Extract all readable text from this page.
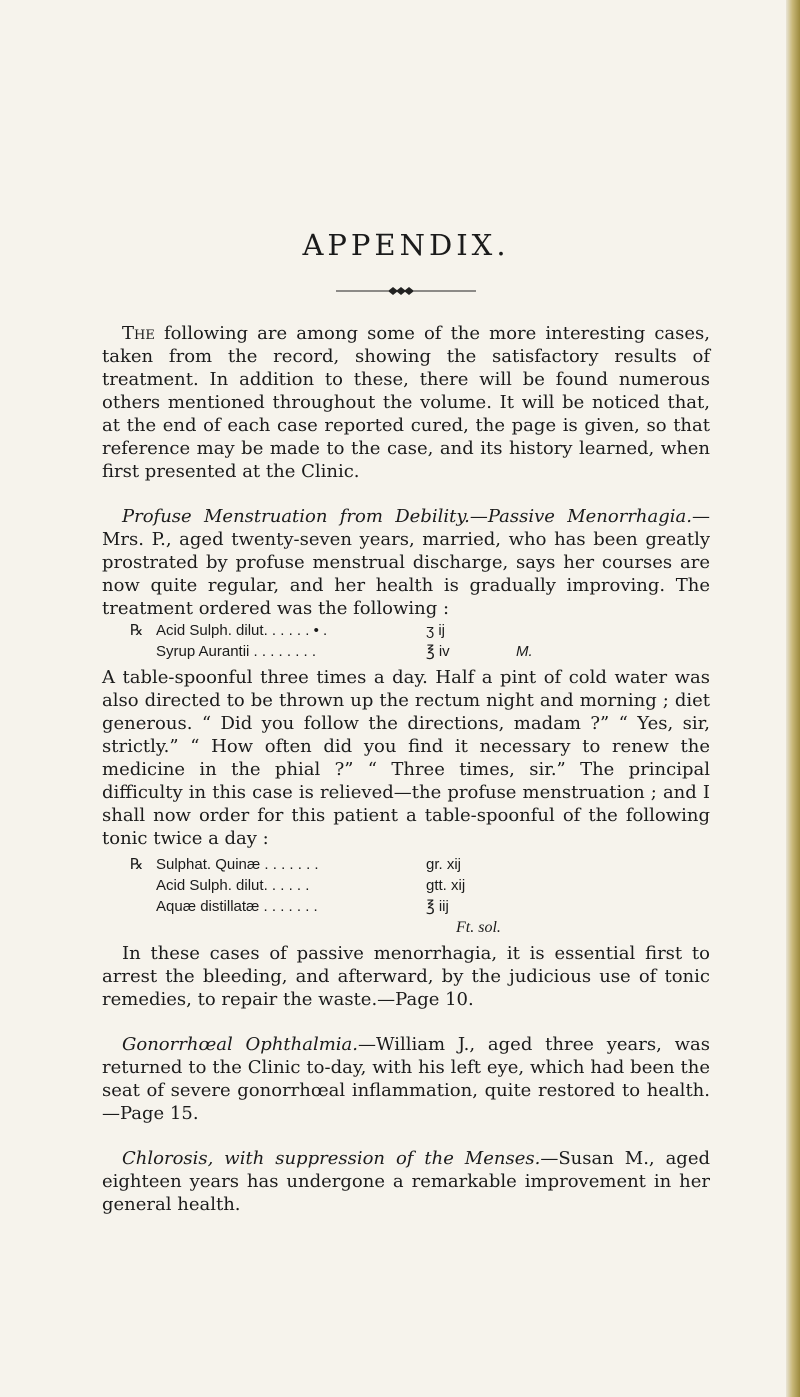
APPENDIX.

The following are among some of the more interesting cases, taken from the record, showing the satisfactory results of treatment. In addition to these, there will be found numerous others mentioned throughout the volume. It will be noticed that, at the end of each case reported cured, the page is given, so that reference may be made to the case, and its history learned, when first presented at the Clinic.

Profuse Menstruation from Debility.—Passive Menorrhagia.—Mrs. P., aged twenty-seven years, married, who has been greatly prostrated by profuse menstrual discharge, says her courses are now quite regular, and her health is gradually improving. The treatment ordered was the following :

℞ Acid Sulph. dilut. . . . . . • .	ʒ ij
Syrup Aurantii . . . . . . . .	℥ iv	M.

A table-spoonful three times a day. Half a pint of cold water was also directed to be thrown up the rectum night and morning ; diet generous. “ Did you follow the directions, madam ?” “ Yes, sir, strictly.” “ How often did you find it necessary to renew the medicine in the phial ?” “ Three times, sir.” The principal difficulty in this case is relieved—the profuse menstruation ; and I shall now order for this patient a table-spoonful of the following tonic twice a day :

℞ Sulphat. Quinæ . . . . . . .	gr. xij
Acid Sulph. dilut. . . . . .	gtt. xij
Aquæ distillatæ . . . . . . .	℥ iij
Ft. sol.

In these cases of passive menorrhagia, it is essential first to arrest the bleeding, and afterward, by the judicious use of tonic remedies, to repair the waste.—Page 10.

Gonorrhœal Ophthalmia.—William J., aged three years, was returned to the Clinic to-day, with his left eye, which had been the seat of severe gonorrhœal inflammation, quite restored to health.—Page 15.

Chlorosis, with suppression of the Menses.—Susan M., aged eighteen years has undergone a remarkable improvement in her general health.
